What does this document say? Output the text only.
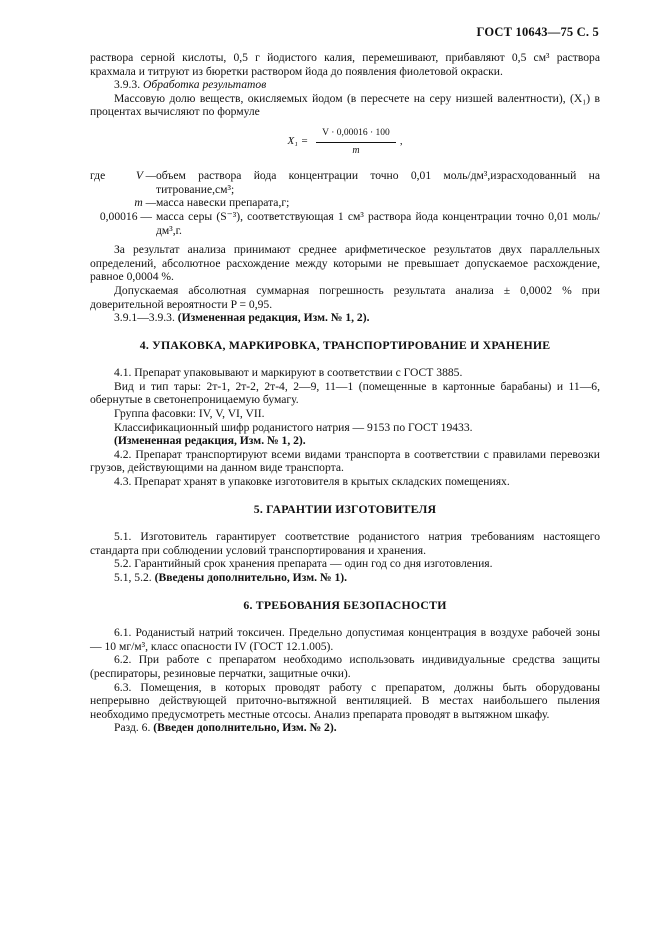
ГОСТ 10643—75 С. 5

раствора серной кислоты, 0,5 г йодистого калия, перемешивают, прибавляют 0,5 см³ раствора крахмала и титруют из бюретки раствором йода до появления фиолетовой окраски.

3.9.3. Обработка результатов

Массовую долю веществ, окисляемых йодом (в пересчете на серу низшей валентности), (X₁) в процентах вычисляют по формуле

$X_1 = \frac{V \cdot 0,00016 \cdot 100}{m}$ ,
где	V —	объем раствора йода концентрации точно 0,01 моль/дм³,израсходованный на титрование,см³;
	m —	масса навески препарата,г;
0,00016 —		масса серы (S⁻³), соответствующая 1 см³ раствора йода концентрации точно 0,01 моль/дм³,г.

За результат анализа принимают среднее арифметическое результатов двух параллельных определений, абсолютное расхождение между которыми не превышает допускаемое расхождение, равное 0,0004 %.

Допускаемая абсолютная суммарная погрешность результата анализа ± 0,0002 % при доверительной вероятности P = 0,95.

3.9.1—3.9.3. (Измененная редакция, Изм. № 1, 2).

4. УПАКОВКА, МАРКИРОВКА, ТРАНСПОРТИРОВАНИЕ И ХРАНЕНИЕ

4.1. Препарат упаковывают и маркируют в соответствии с ГОСТ 3885.

Вид и тип тары: 2т-1, 2т-2, 2т-4, 2—9, 11—1 (помещенные в картонные барабаны) и 11—6, обернутые в светонепроницаемую бумагу.

Группа фасовки: IV, V, VI, VII.

Классификационный шифр роданистого натрия — 9153 по ГОСТ 19433.

(Измененная редакция, Изм. № 1, 2).

4.2. Препарат транспортируют всеми видами транспорта в соответствии с правилами перевозки грузов, действующими на данном виде транспорта.

4.3. Препарат хранят в упаковке изготовителя в крытых складских помещениях.

5. ГАРАНТИИ ИЗГОТОВИТЕЛЯ

5.1. Изготовитель гарантирует соответствие роданистого натрия требованиям настоящего стандарта при соблюдении условий транспортирования и хранения.

5.2. Гарантийный срок хранения препарата — один год со дня изготовления.

5.1, 5.2. (Введены дополнительно, Изм. № 1).

6. ТРЕБОВАНИЯ БЕЗОПАСНОСТИ

6.1. Роданистый натрий токсичен. Предельно допустимая концентрация в воздухе рабочей зоны — 10 мг/м³, класс опасности IV (ГОСТ 12.1.005).

6.2. При работе с препаратом необходимо использовать индивидуальные средства защиты (респираторы, резиновые перчатки, защитные очки).

6.3. Помещения, в которых проводят работу с препаратом, должны быть оборудованы непрерывно действующей приточно-вытяжной вентиляцией. В местах наибольшего пыления необходимо предусмотреть местные отсосы. Анализ препарата проводят в вытяжном шкафу.

Разд. 6. (Введен дополнительно, Изм. № 2).
